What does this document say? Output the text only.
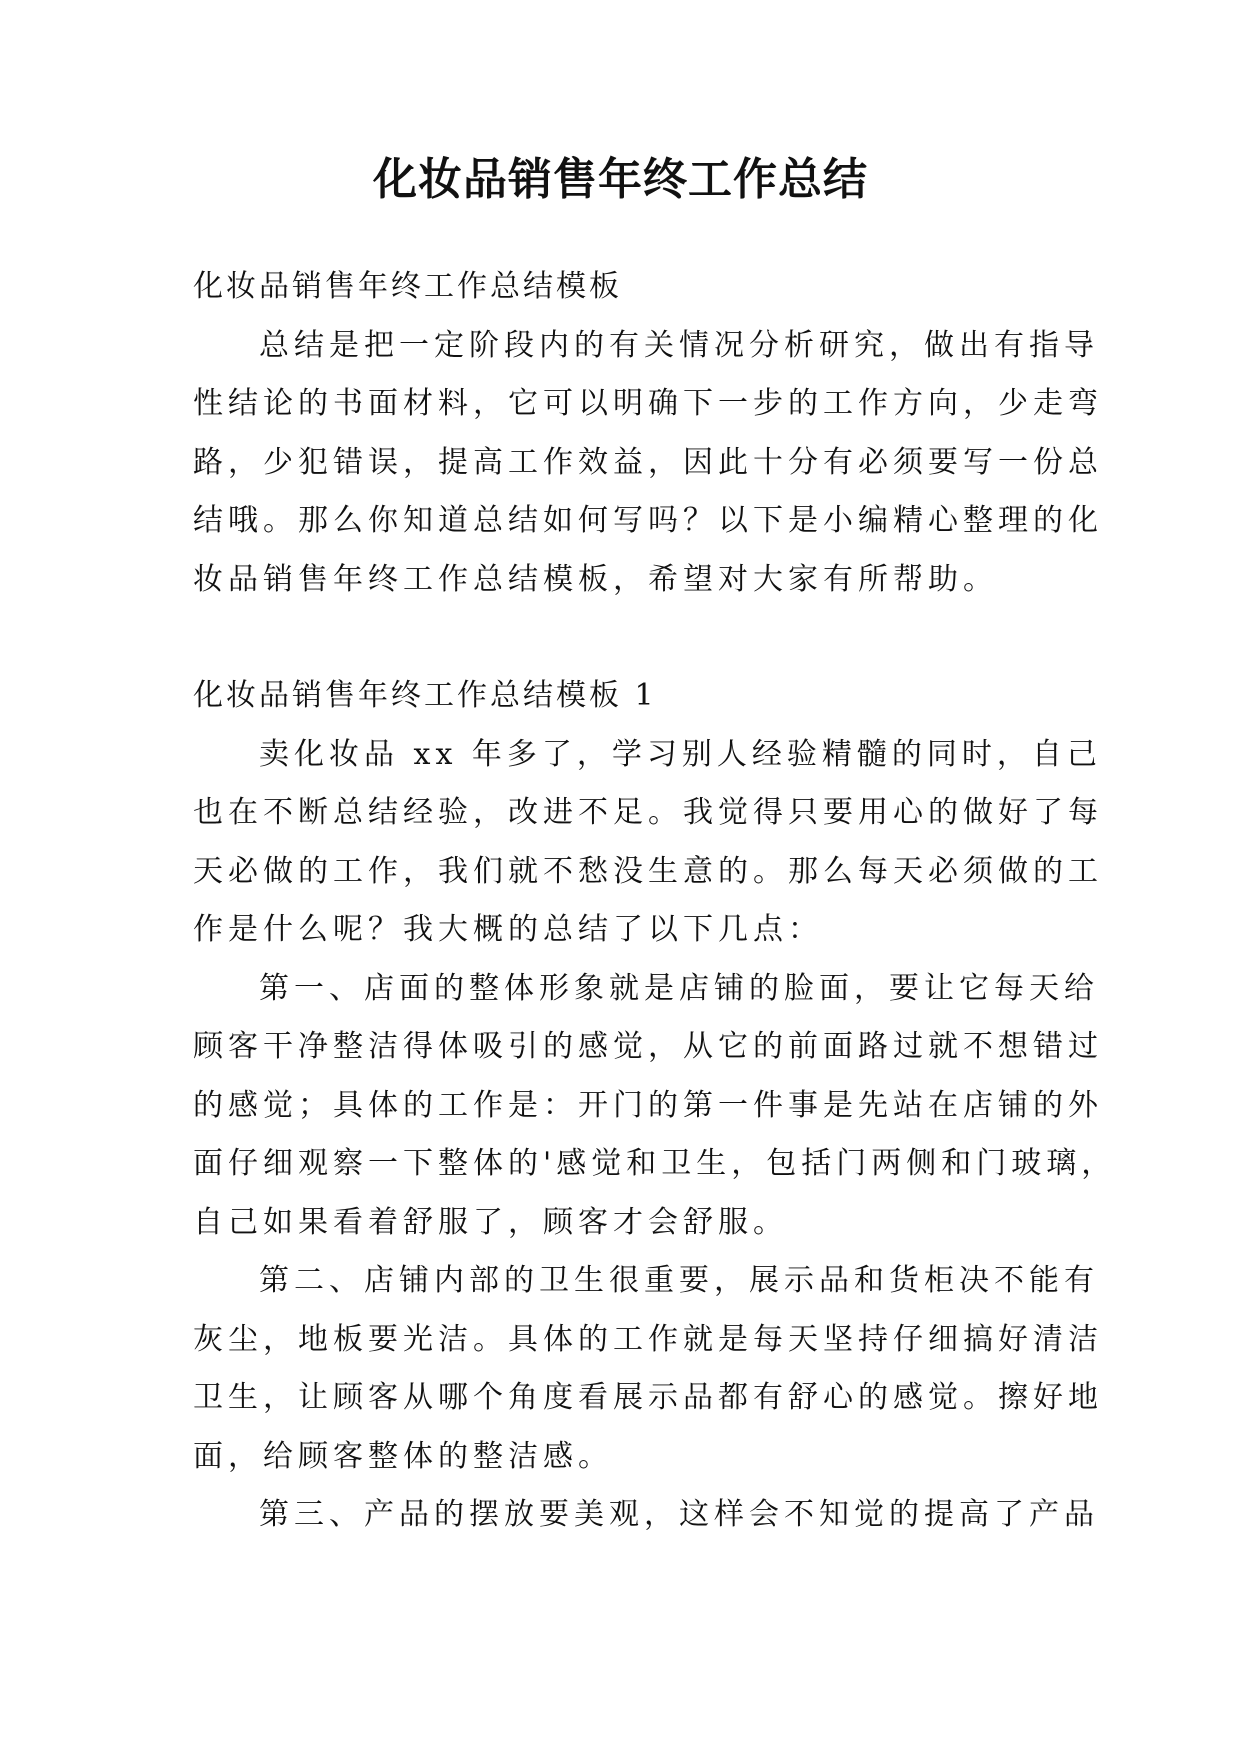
化妆品销售年终工作总结
化妆品销售年终工作总结模板
总结是把一定阶段内的有关情况分析研究，做出有指导
性结论的书面材料，它可以明确下一步的工作方向，少走弯
路，少犯错误，提高工作效益，因此十分有必须要写一份总
结哦。那么你知道总结如何写吗？以下是小编精心整理的化
妆品销售年终工作总结模板，希望对大家有所帮助。
化妆品销售年终工作总结模板 1
卖化妆品 xx 年多了，学习别人经验精髓的同时，自己
也在不断总结经验，改进不足。我觉得只要用心的做好了每
天必做的工作，我们就不愁没生意的。那么每天必须做的工
作是什么呢？我大概的总结了以下几点：
第一、店面的整体形象就是店铺的脸面，要让它每天给
顾客干净整洁得体吸引的感觉，从它的前面路过就不想错过
的感觉；具体的工作是：开门的第一件事是先站在店铺的外
面仔细观察一下整体的'感觉和卫生，包括门两侧和门玻璃，
自己如果看着舒服了，顾客才会舒服。
第二、店铺内部的卫生很重要，展示品和货柜决不能有
灰尘，地板要光洁。具体的工作就是每天坚持仔细搞好清洁
卫生，让顾客从哪个角度看展示品都有舒心的感觉。擦好地
面，给顾客整体的整洁感。
第三、产品的摆放要美观，这样会不知觉的提高了产品
